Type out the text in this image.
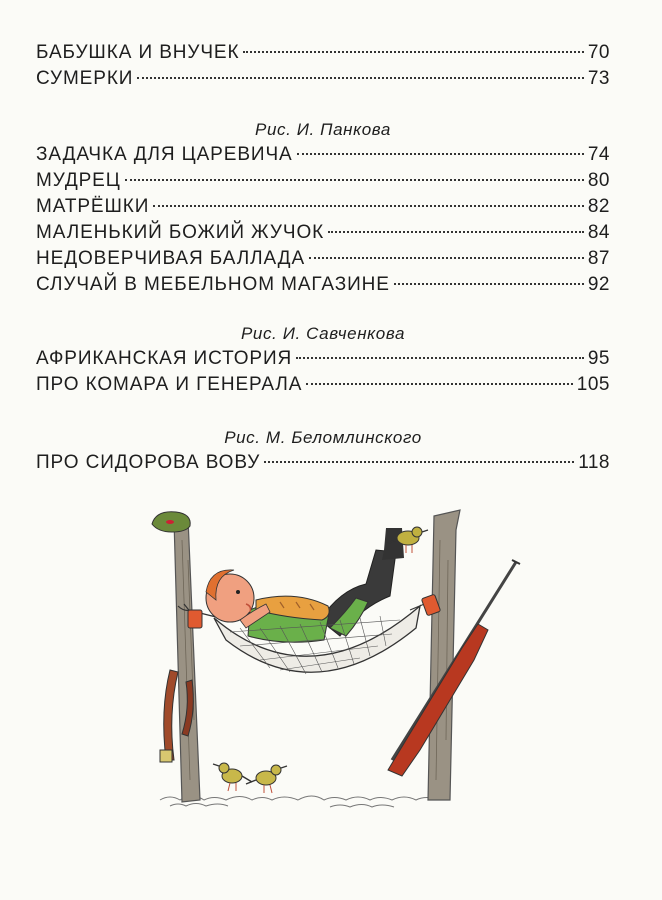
БАБУШКА И ВНУЧЕК	70
СУМЕРКИ	73
Рис. И. Панкова
ЗАДАЧКА ДЛЯ ЦАРЕВИЧА	74
МУДРЕЦ	80
МАТРЁШКИ	82
МАЛЕНЬКИЙ БОЖИЙ ЖУЧОК	84
НЕДОВЕРЧИВАЯ БАЛЛАДА	87
СЛУЧАЙ В МЕБЕЛЬНОМ МАГАЗИНЕ	92
Рис. И. Савченкова
АФРИКАНСКАЯ ИСТОРИЯ	95
ПРО КОМАРА И ГЕНЕРАЛА	105
Рис. М. Беломлинского
ПРО СИДОРОВА ВОВУ	118
